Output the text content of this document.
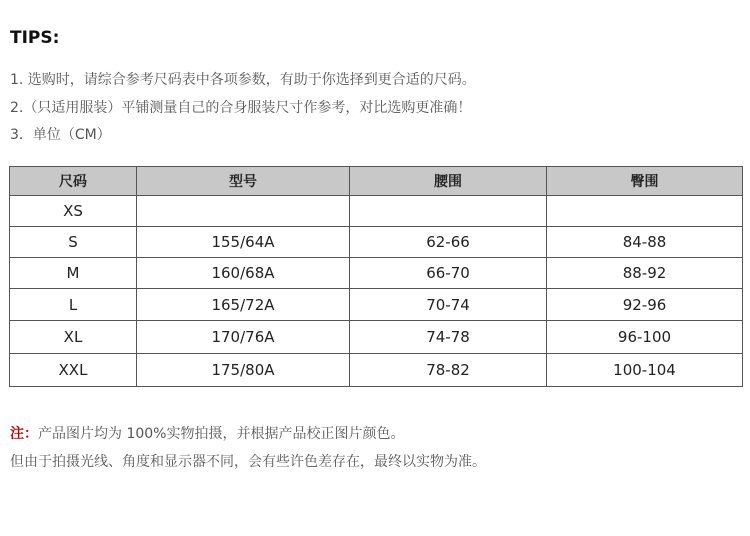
TIPS:
1. 选购时，请综合参考尺码表中各项参数，有助于你选择到更合适的尺码。
2.（只适用服装）平铺测量自己的合身服装尺寸作参考，对比选购更准确！
3．单位（CM）
尺码	型号	腰围	臀围
XS			
S	155/64A	62-66	84-88
M	160/68A	66-70	88-92
L	165/72A	70-74	92-96
XL	170/76A	74-78	96-100
XXL	175/80A	78-82	100-104
注：产品图片均为 100%实物拍摄，并根据产品校正图片颜色。
但由于拍摄光线、角度和显示器不同，会有些许色差存在，最终以实物为准。
